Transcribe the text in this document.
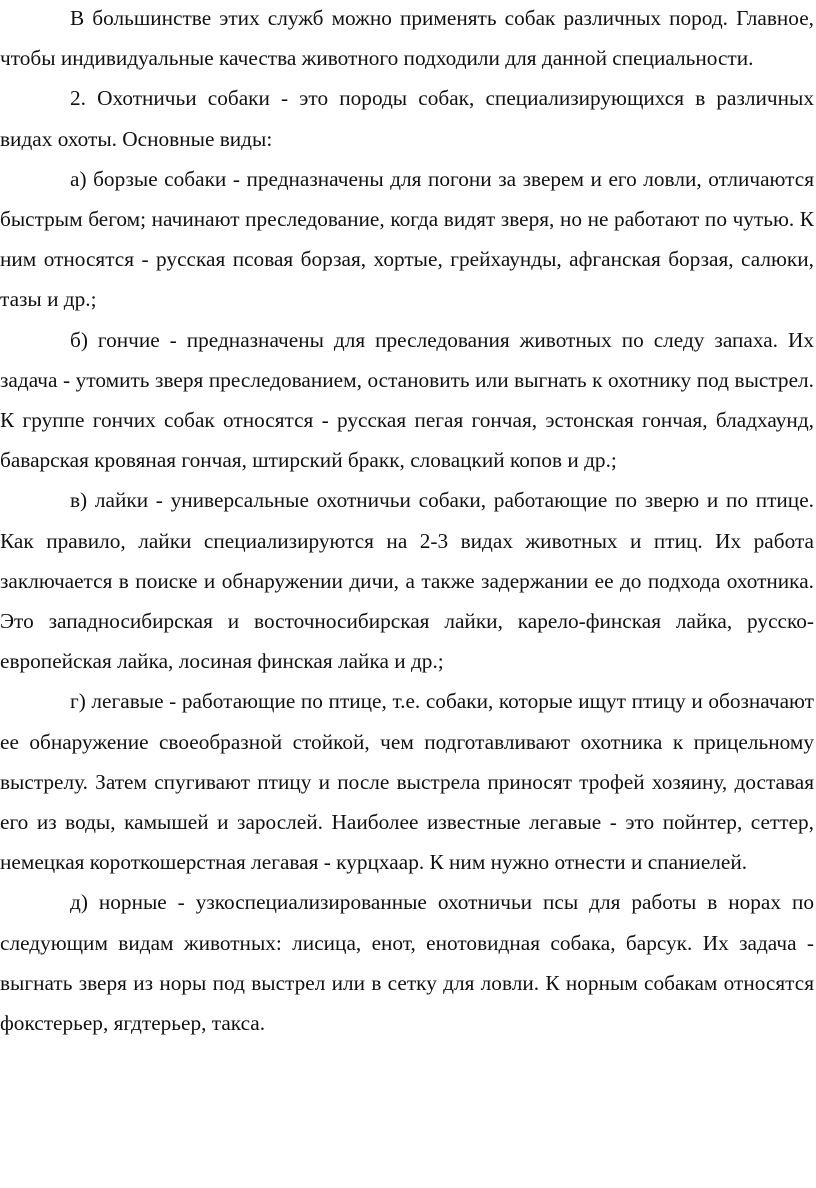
В большинстве этих служб можно применять собак различных пород. Главное, чтобы индивидуальные качества животного подходили для данной специальности.

2. Охотничьи собаки - это породы собак, специализирующихся в различных видах охоты. Основные виды:

а) борзые собаки - предназначены для погони за зверем и его ловли, отличаются быстрым бегом; начинают преследование, когда видят зверя, но не работают по чутью. К ним относятся - русская псовая борзая, хортые, грейхаунды, афганская борзая, салюки, тазы и др.;

б) гончие - предназначены для преследования животных по следу запаха. Их задача - утомить зверя преследованием, остановить или выгнать к охотнику под выстрел. К группе гончих собак относятся - русская пегая гончая, эстонская гончая, бладхаунд, баварская кровяная гончая, штирский бракк, словацкий копов и др.;

в) лайки - универсальные охотничьи собаки, работающие по зверю и по птице. Как правило, лайки специализируются на 2-3 видах животных и птиц. Их работа заключается в поиске и обнаружении дичи, а также задержании ее до подхода охотника. Это западносибирская и восточносибирская лайки, карело-финская лайка, русско-европейская лайка, лосиная финская лайка и др.;

г) легавые - работающие по птице, т.е. собаки, которые ищут птицу и обозначают ее обнаружение своеобразной стойкой, чем подготавливают охотника к прицельному выстрелу. Затем спугивают птицу и после выстрела приносят трофей хозяину, доставая его из воды, камышей и зарослей. Наиболее известные легавые - это пойнтер, сеттер, немецкая короткошерстная легавая - курцхаар. К ним нужно отнести и спаниелей.

д) норные - узкоспециализированные охотничьи псы для работы в норах по следующим видам животных: лисица, енот, енотовидная собака, барсук. Их задача - выгнать зверя из норы под выстрел или в сетку для ловли. К норным собакам относятся фокстерьер, ягдтерьер, такса.
